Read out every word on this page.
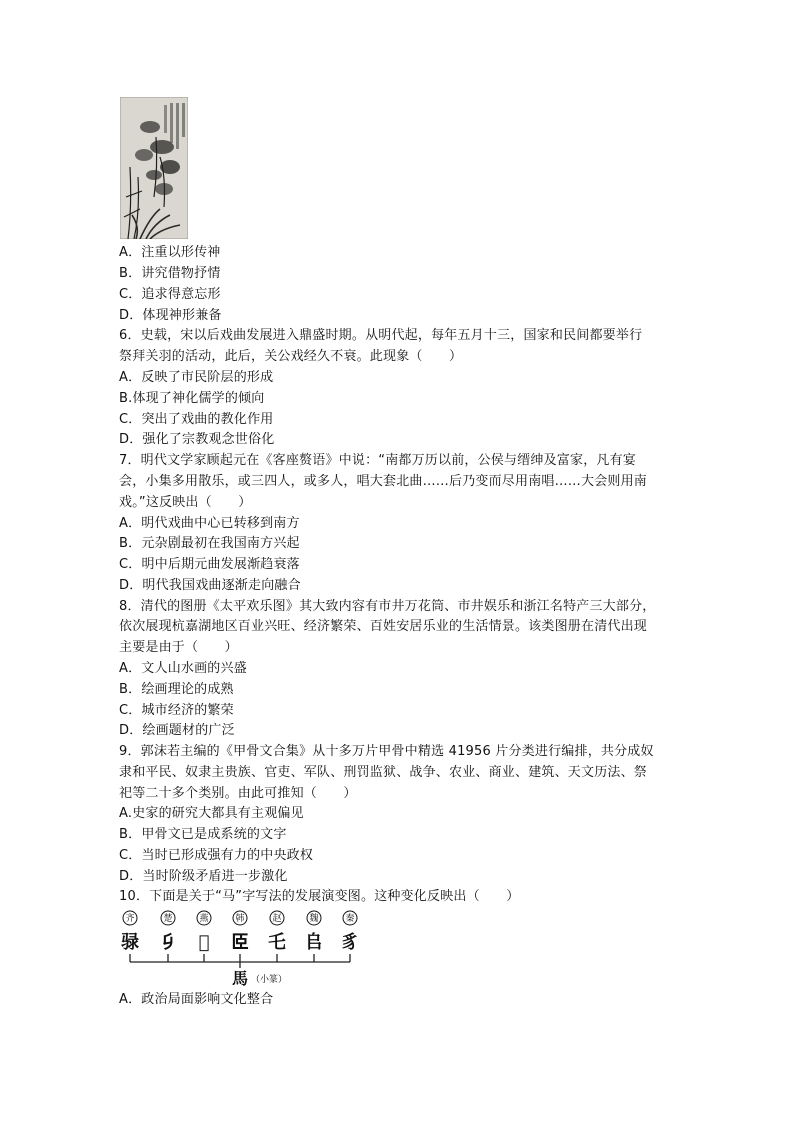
A．注重以形传神
B．讲究借物抒情
C．追求得意忘形
D．体现神形兼备
6．史载，宋以后戏曲发展进入鼎盛时期。从明代起，每年五月十三，国家和民间都要举行
祭拜关羽的活动，此后，关公戏经久不衰。此现象（　　）
A．反映了市民阶层的形成
B.体现了神化儒学的倾向
C．突出了戏曲的教化作用
D．强化了宗教观念世俗化
7．明代文学家顾起元在《客座赘语》中说：“南都万历以前，公侯与缙绅及富家，凡有宴
会，小集多用散乐，或三四人，或多人，唱大套北曲……后乃变而尽用南唱……大会则用南
戏。”这反映出（　　）
A．明代戏曲中心已转移到南方
B．元杂剧最初在我国南方兴起
C．明中后期元曲发展渐趋衰落
D．明代我国戏曲逐渐走向融合
8．清代的图册《太平欢乐图》其大致内容有市井万花筒、市井娱乐和浙江名特产三大部分，
依次展现杭嘉湖地区百业兴旺、经济繁荣、百姓安居乐业的生活情景。该类图册在清代出现
主要是由于（　　）
A．文人山水画的兴盛
B．绘画理论的成熟
C．城市经济的繁荣
D．绘画题材的广泛
9．郭沫若主编的《甲骨文合集》从十多万片甲骨中精选 41956 片分类进行编排，共分成奴
隶和平民、奴隶主贵族、官吏、军队、刑罚监狱、战争、农业、商业、建筑、天文历法、祭
祀等二十多个类别。由此可推知（　　）
A.史家的研究大都具有主观偏见
B．甲骨文已是成系统的文字
C．当时已形成强有力的中央政权
D．当时阶级矛盾进一步激化
10．下面是关于“马”字写法的发展演变图。这种变化反映出（　　）
齐	楚	燕	韩	赵	魏	秦
𫘧 𠂎 𠃧 𦣞 乇 𠂤 豸
馬 （小篆）
A．政治局面影响文化整合
